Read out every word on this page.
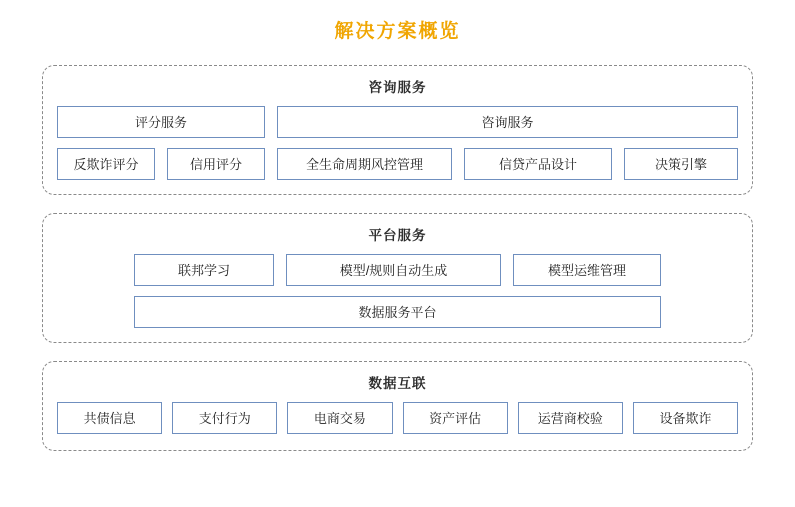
解决方案概览
咨询服务
评分服务	咨询服务
反欺诈评分	信用评分	全生命周期风控管理	信贷产品设计	决策引擎
平台服务
联邦学习	模型/规则自动生成	模型运维管理
数据服务平台
数据互联
共债信息	支付行为	电商交易	资产评估	运营商校验	设备欺诈
